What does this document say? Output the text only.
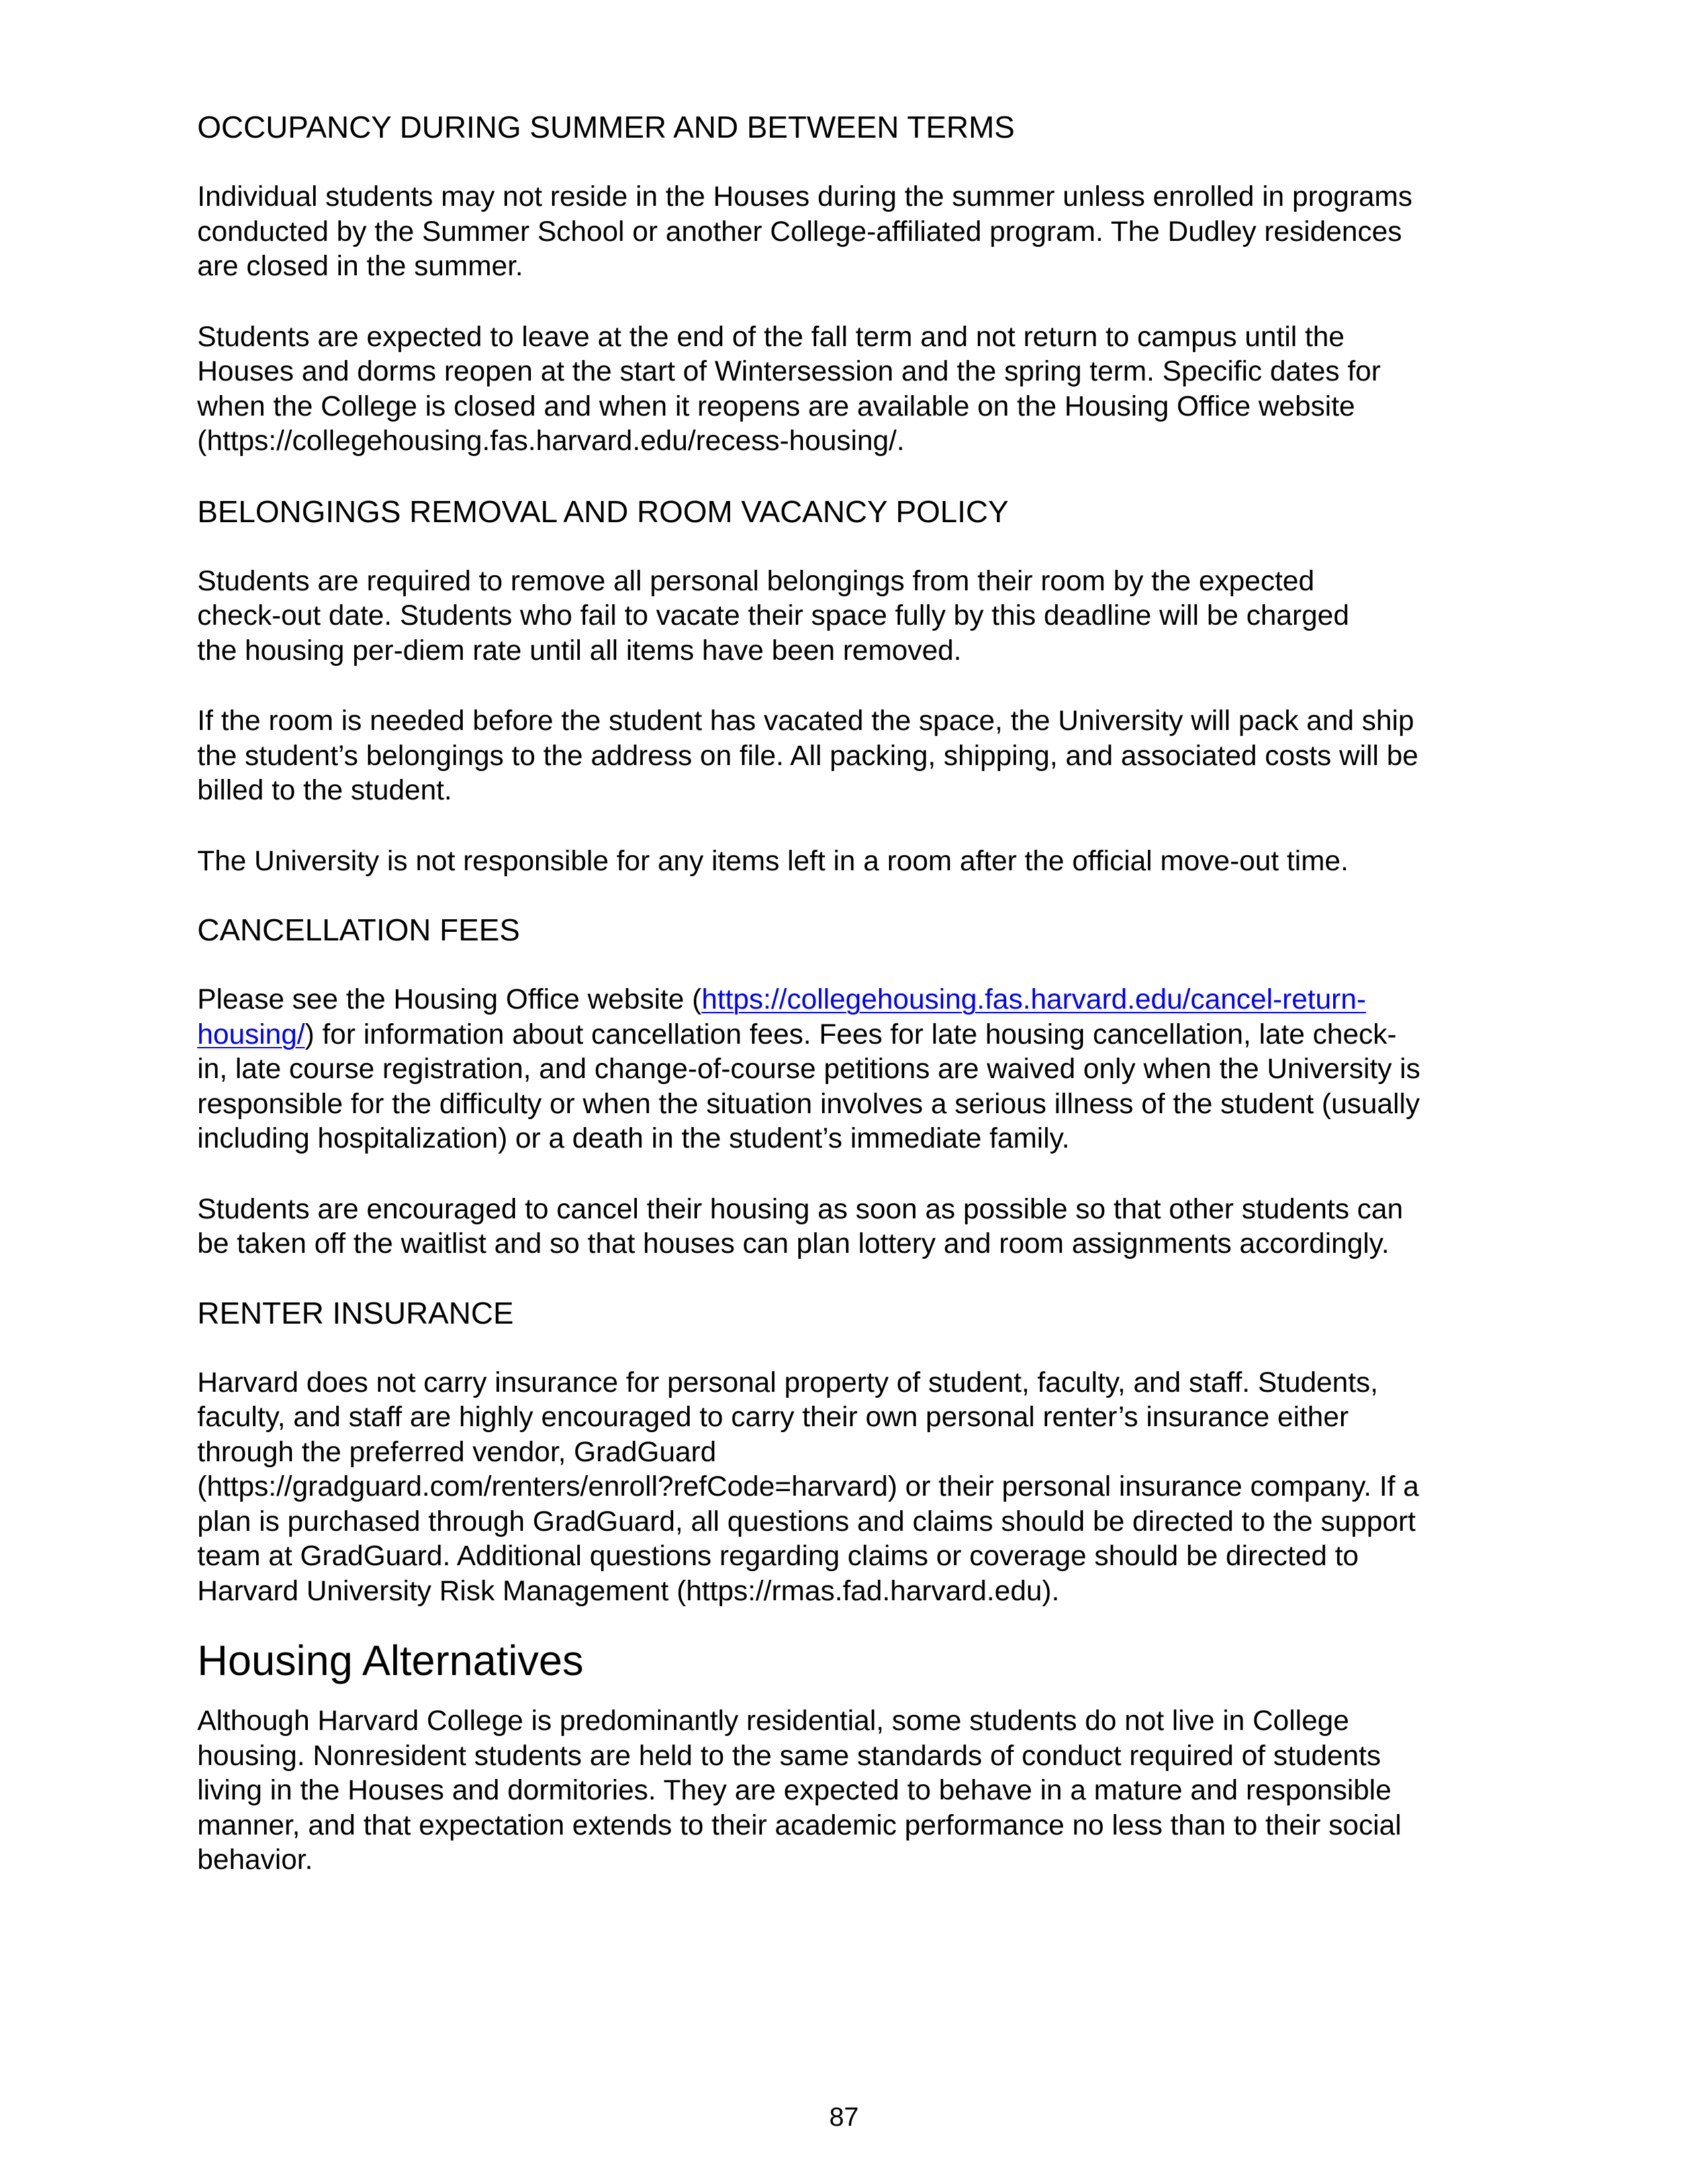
OCCUPANCY DURING SUMMER AND BETWEEN TERMS
Individual students may not reside in the Houses during the summer unless enrolled in programs
conducted by the Summer School or another College-affiliated program. The Dudley residences
are closed in the summer.
Students are expected to leave at the end of the fall term and not return to campus until the
Houses and dorms reopen at the start of Wintersession and the spring term. Specific dates for
when the College is closed and when it reopens are available on the Housing Office website
(https://collegehousing.fas.harvard.edu/recess-housing/.
BELONGINGS REMOVAL AND ROOM VACANCY POLICY
Students are required to remove all personal belongings from their room by the expected
check-out date. Students who fail to vacate their space fully by this deadline will be charged
the housing per-diem rate until all items have been removed.
If the room is needed before the student has vacated the space, the University will pack and ship
the student’s belongings to the address on file. All packing, shipping, and associated costs will be
billed to the student.
The University is not responsible for any items left in a room after the official move-out time.
CANCELLATION FEES
Please see the Housing Office website (https://collegehousing.fas.harvard.edu/cancel-return-
housing/) for information about cancellation fees. Fees for late housing cancellation, late check-
in, late course registration, and change-of-course petitions are waived only when the University is
responsible for the difficulty or when the situation involves a serious illness of the student (usually
including hospitalization) or a death in the student’s immediate family.
Students are encouraged to cancel their housing as soon as possible so that other students can
be taken off the waitlist and so that houses can plan lottery and room assignments accordingly.
RENTER INSURANCE
Harvard does not carry insurance for personal property of student, faculty, and staff. Students,
faculty, and staff are highly encouraged to carry their own personal renter’s insurance either
through the preferred vendor, GradGuard
(https://gradguard.com/renters/enroll?refCode=harvard) or their personal insurance company. If a
plan is purchased through GradGuard, all questions and claims should be directed to the support
team at GradGuard. Additional questions regarding claims or coverage should be directed to
Harvard University Risk Management (https://rmas.fad.harvard.edu).
Housing Alternatives
Although Harvard College is predominantly residential, some students do not live in College
housing. Nonresident students are held to the same standards of conduct required of students
living in the Houses and dormitories. They are expected to behave in a mature and responsible
manner, and that expectation extends to their academic performance no less than to their social
behavior.
87
